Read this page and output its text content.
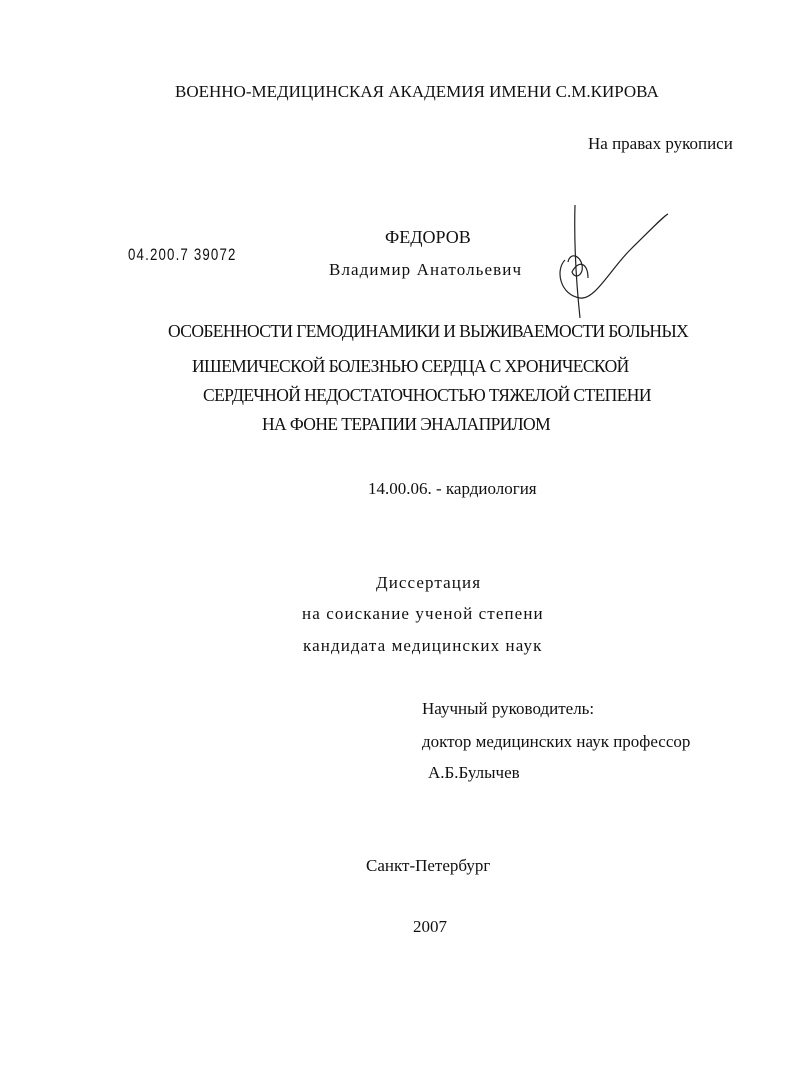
ВОЕННО-МЕДИЦИНСКАЯ АКАДЕМИЯ ИМЕНИ С.М.КИРОВА
На правах рукописи
04.200.7 39072
ФЕДОРОВ
Владимир Анатольевич
ОСОБЕННОСТИ ГЕМОДИНАМИКИ И ВЫЖИВАЕМОСТИ БОЛЬНЫХ
ИШЕМИЧЕСКОЙ БОЛЕЗНЬЮ СЕРДЦА С ХРОНИЧЕСКОЙ
СЕРДЕЧНОЙ НЕДОСТАТОЧНОСТЬЮ ТЯЖЕЛОЙ СТЕПЕНИ
НА ФОНЕ ТЕРАПИИ ЭНАЛАПРИЛОМ
14.00.06. - кардиология
Диссертация
на соискание ученой степени
кандидата медицинских наук
Научный руководитель:
доктор медицинских наук профессор
А.Б.Булычев
Санкт-Петербург
2007
